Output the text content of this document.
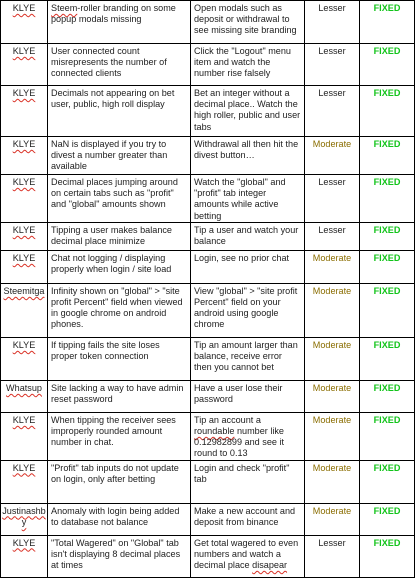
KLYE	Steem-roller branding on some popup modals missing	Open modals such as deposit or withdrawal to see missing site branding	Lesser	FIXED
KLYE	User connected count misrepresents the number of connected clients	Click the "Logout" menu item and watch the number rise falsely	Lesser	FIXED
KLYE	Decimals not appearing on bet user, public, high roll display	Bet an integer without a decimal place.. Watch the high roller, public and user tabs	Lesser	FIXED
KLYE	NaN is displayed if you try to divest a number greater than available	Withdrawal all then hit the divest button…	Moderate	FIXED
KLYE	Decimal places jumping around on certain tabs such as "profit" and "global" amounts shown	Watch the "global" and "profit" tab integer amounts while active betting	Lesser	FIXED
KLYE	Tipping a user makes balance decimal place minimize	Tip a user and watch your balance	Lesser	FIXED
KLYE	Chat not logging / displaying properly when login / site load	Login, see no prior chat	Moderate	FIXED
Steemitga	Infinity shown on "global" > "site profit Percent" field when viewed in google chrome on android phones.	View "global" > "site profit Percent" field on your android using google chrome	Moderate	FIXED
KLYE	If tipping fails the site loses proper token connection	Tip an amount larger than balance, receive error then you cannot bet	Moderate	FIXED
Whatsup	Site lacking a way to have admin reset password	Have a user lose their password	Moderate	FIXED
KLYE	When tipping the receiver sees improperly rounded amount number in chat.	Tip an account a roundable number like 0.12982899 and see it round to 0.13	Moderate	FIXED
KLYE	"Profit" tab inputs do not update on login, only after betting	Login and check "profit" tab	Moderate	FIXED
Justinashby	Anomaly with login being added to database not balance	Make a new account and deposit from binance	Moderate	FIXED
KLYE	"Total Wagered" on "Global" tab isn't displaying 8 decimal places at times	Get total wagered to even numbers and watch a decimal place disapear	Lesser	FIXED
